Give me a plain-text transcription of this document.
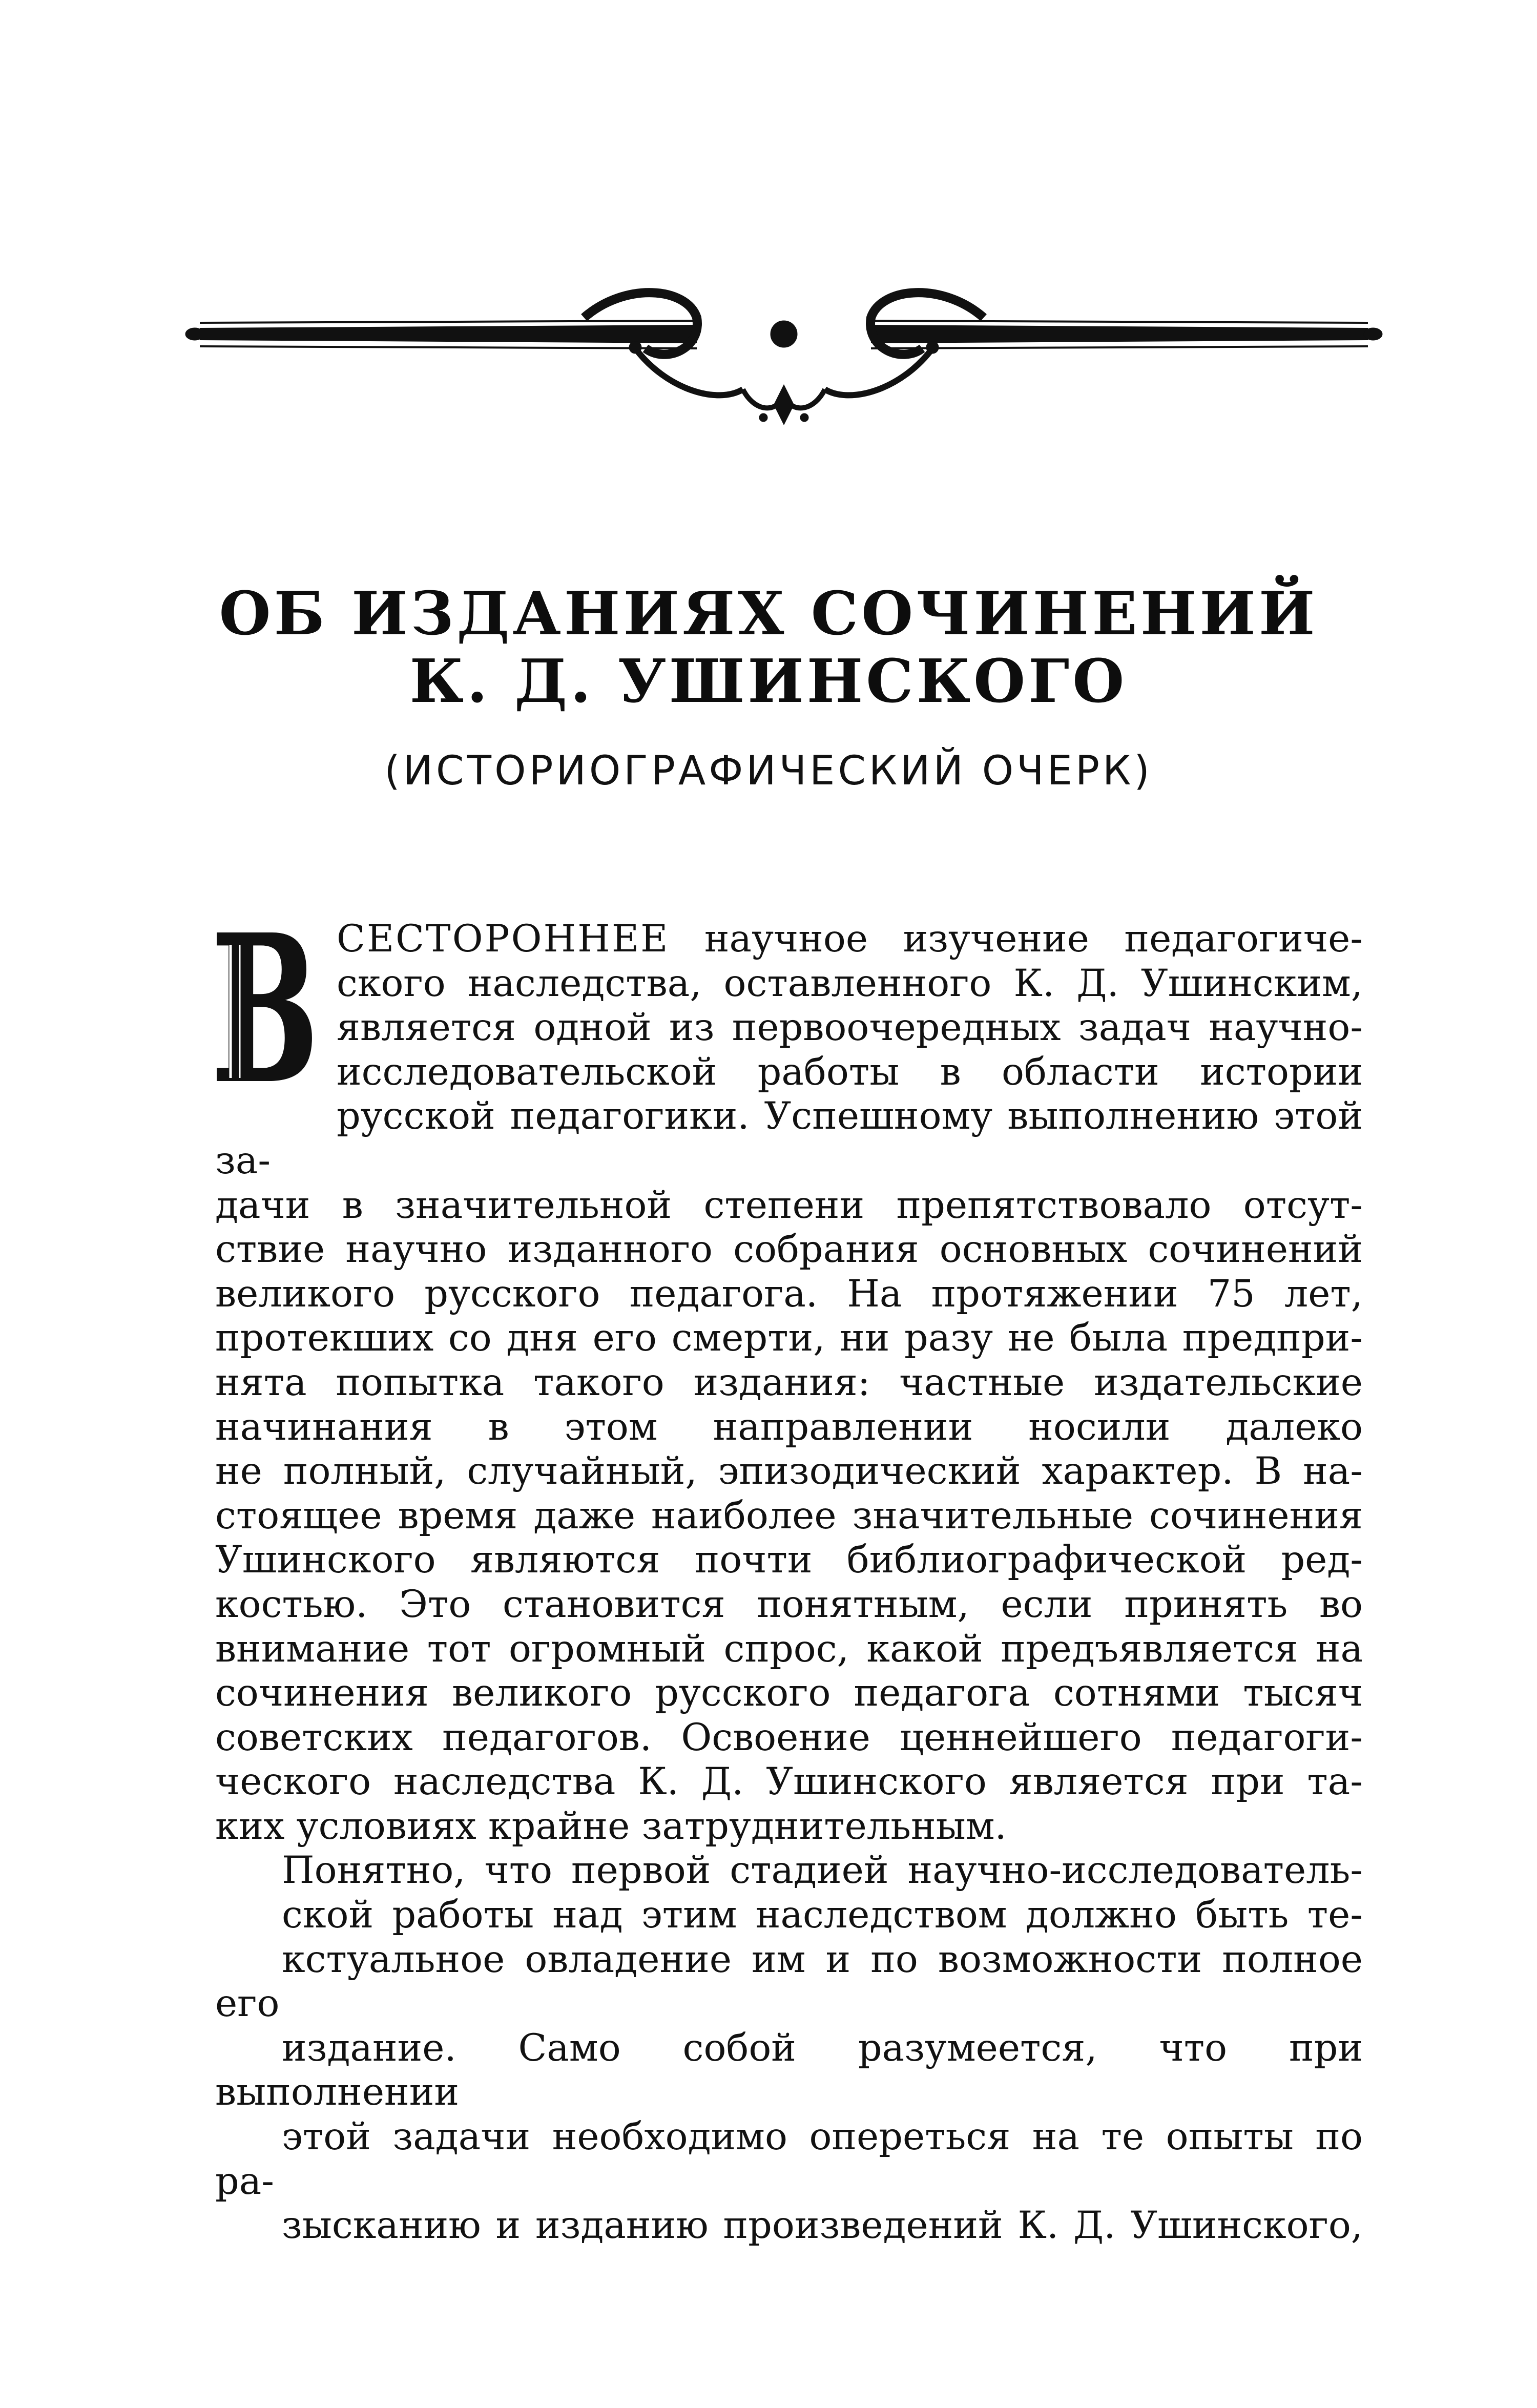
ОБ ИЗДАНИЯХ СОЧИНЕНИЙ
К. Д. УШИНСКОГО
(ИСТОРИОГРАФИЧЕСКИЙ ОЧЕРК)
В СЕСТОРОННЕЕ научное изучение педагогиче-
ского наследства, оставленного К. Д. Ушинским,
является одной из первоочередных задач научно-
исследовательской работы в области истории
русской педагогики. Успешному выполнению этой за-
дачи в значительной степени препятствовало отсут-
ствие научно изданного собрания основных сочинений
великого русского педагога. На протяжении 75 лет,
протекших со дня его смерти, ни разу не была предпри-
нята попытка такого издания: частные издательские
начинания в этом направлении носили далеко
не полный, случайный, эпизодический характер. В на-
стоящее время даже наиболее значительные сочинения
Ушинского являются почти библиографической ред-
костью. Это становится понятным, если принять во
внимание тот огромный спрос, какой предъявляется на
сочинения великого русского педагога сотнями тысяч
советских педагогов. Освоение ценнейшего педагоги-
ческого наследства К. Д. Ушинского является при та-
ких условиях крайне затруднительным.
Понятно, что первой стадией научно-исследователь-
ской работы над этим наследством должно быть те-
кстуальное овладение им и по возможности полное его
издание. Само собой разумеется, что при выполнении
этой задачи необходимо опереться на те опыты по ра-
зысканию и изданию произведений К. Д. Ушинского,
